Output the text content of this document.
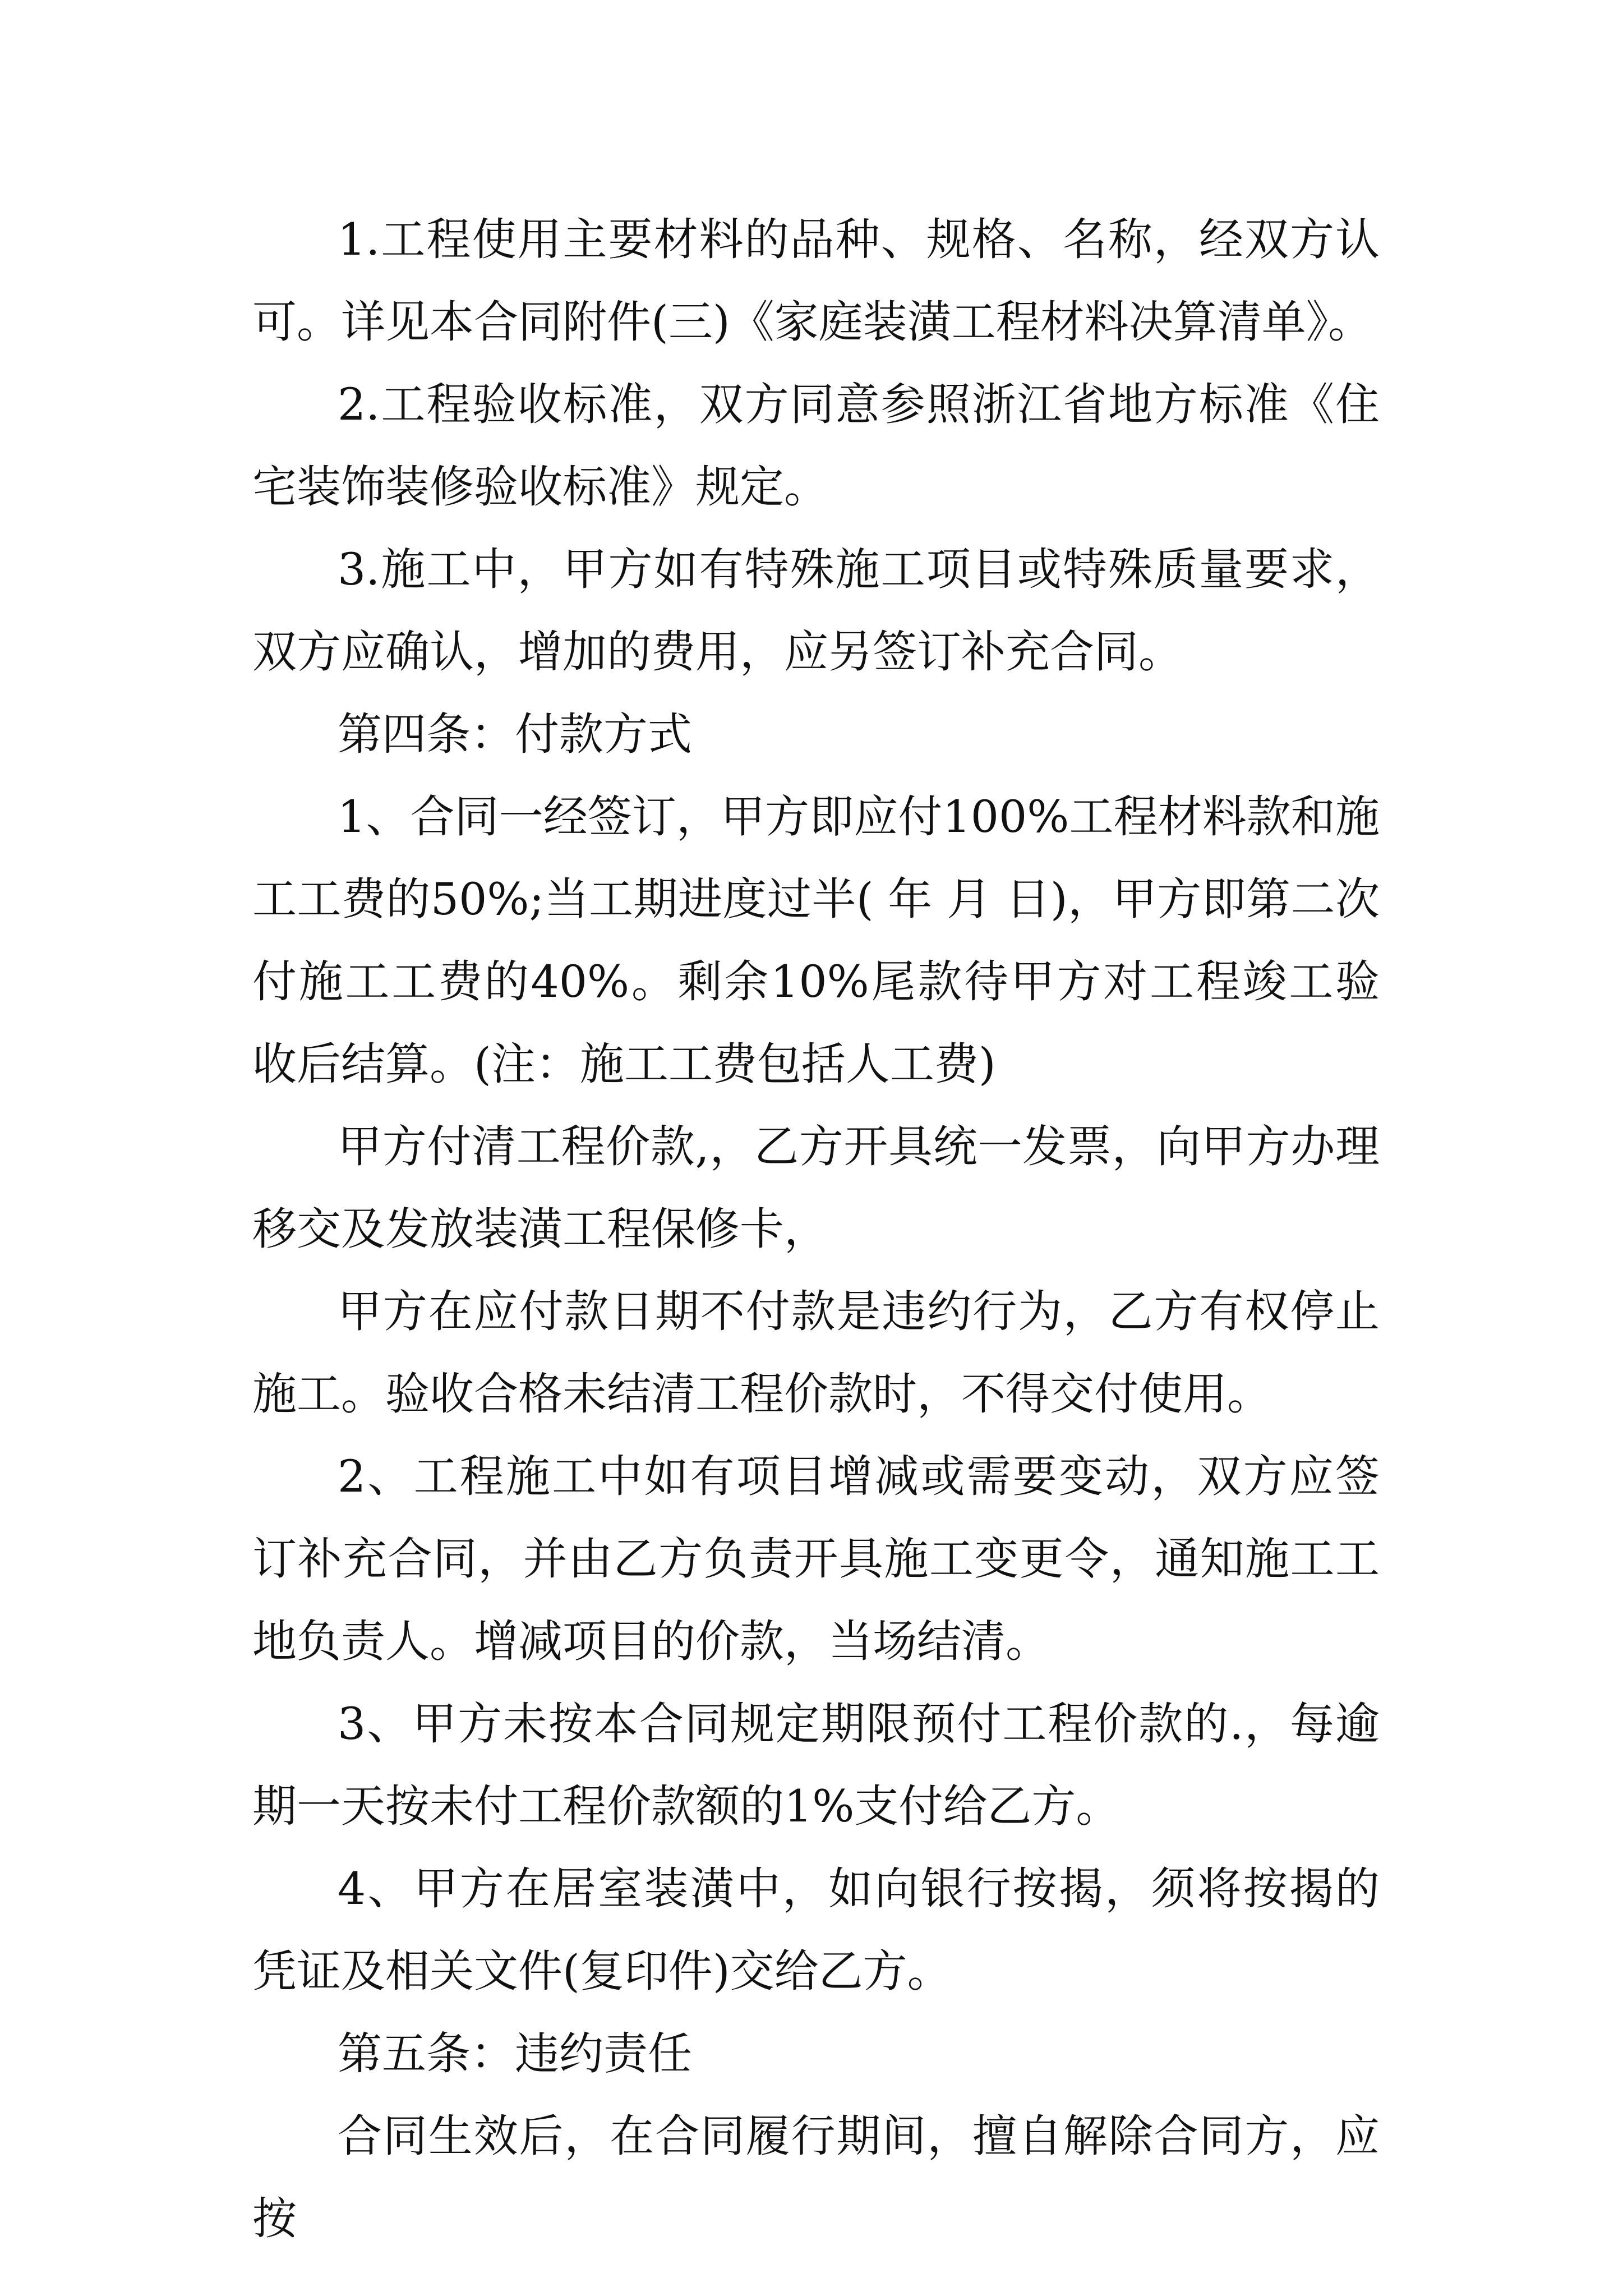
1.工程使用主要材料的品种、规格、名称，经双方认可。详见本合同附件(三)《家庭装潢工程材料决算清单》。

2.工程验收标准，双方同意参照浙江省地方标准《住宅装饰装修验收标准》规定。

3.施工中，甲方如有特殊施工项目或特殊质量要求，双方应确认，增加的费用，应另签订补充合同。

第四条：付款方式

1、合同一经签订，甲方即应付100%工程材料款和施工工费的50%;当工期进度过半( 年 月 日)，甲方即第二次付施工工费的40%。剩余10%尾款待甲方对工程竣工验收后结算。(注：施工工费包括人工费)

甲方付清工程价款,，乙方开具统一发票，向甲方办理移交及发放装潢工程保修卡，

甲方在应付款日期不付款是违约行为，乙方有权停止施工。验收合格未结清工程价款时，不得交付使用。

2、工程施工中如有项目增减或需要变动，双方应签订补充合同，并由乙方负责开具施工变更令，通知施工工地负责人。增减项目的价款，当场结清。

3、甲方未按本合同规定期限预付工程价款的.，每逾期一天按未付工程价款额的1%支付给乙方。

4、甲方在居室装潢中，如向银行按揭，须将按揭的凭证及相关文件(复印件)交给乙方。

第五条：违约责任

合同生效后，在合同履行期间，擅自解除合同方，应按
